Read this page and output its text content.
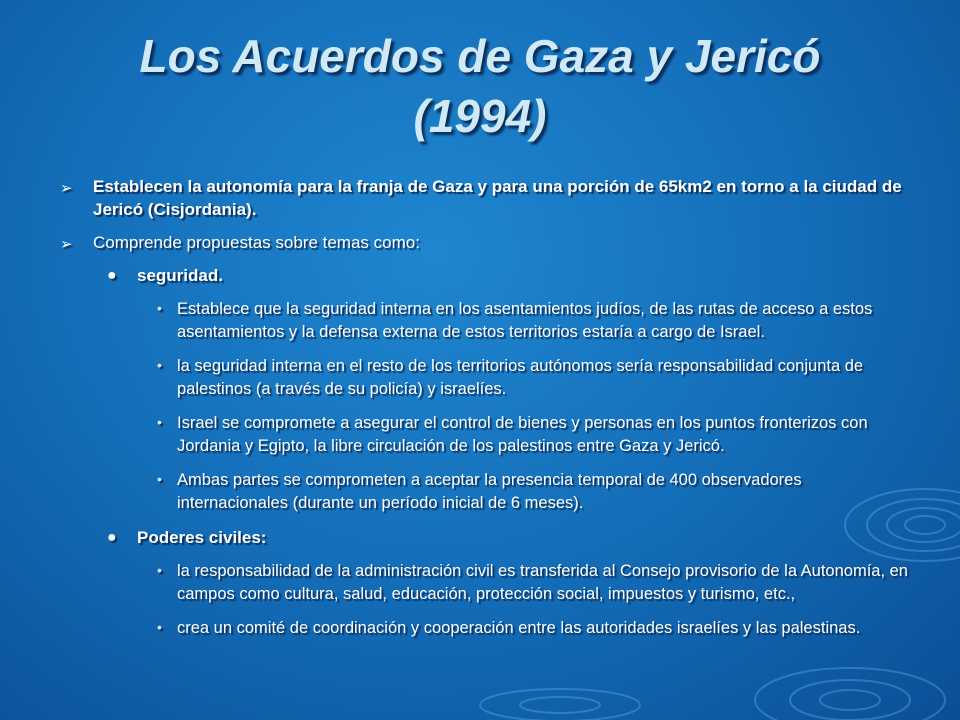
Los Acuerdos de Gaza y Jericó
(1994)
➢ Establecen la autonomía para la franja de Gaza y para una porción de 65km2 en torno a la ciudad de Jericó (Cisjordania).
➢ Comprende propuestas sobre temas como:
● seguridad.
• Establece que la seguridad interna en los asentamientos judíos, de las rutas de acceso a estos asentamientos y la defensa externa de estos territorios estaría a cargo de Israel.
• la seguridad interna en el resto de los territorios autónomos sería responsabilidad conjunta de palestinos (a través de su policía) y israelíes.
• Israel se compromete a asegurar el control de bienes y personas en los puntos fronterizos con Jordania y Egipto, la libre circulación de los palestinos entre Gaza y Jericó.
• Ambas partes se comprometen a aceptar la presencia temporal de 400 observadores internacionales (durante un período inicial de 6 meses).
● Poderes civiles:
• la responsabilidad de la administración civil es transferida al Consejo provisorio de la Autonomía, en campos como cultura, salud, educación, protección social, impuestos y turismo, etc.,
• crea un comité de coordinación y cooperación entre las autoridades israelíes y las palestinas.
